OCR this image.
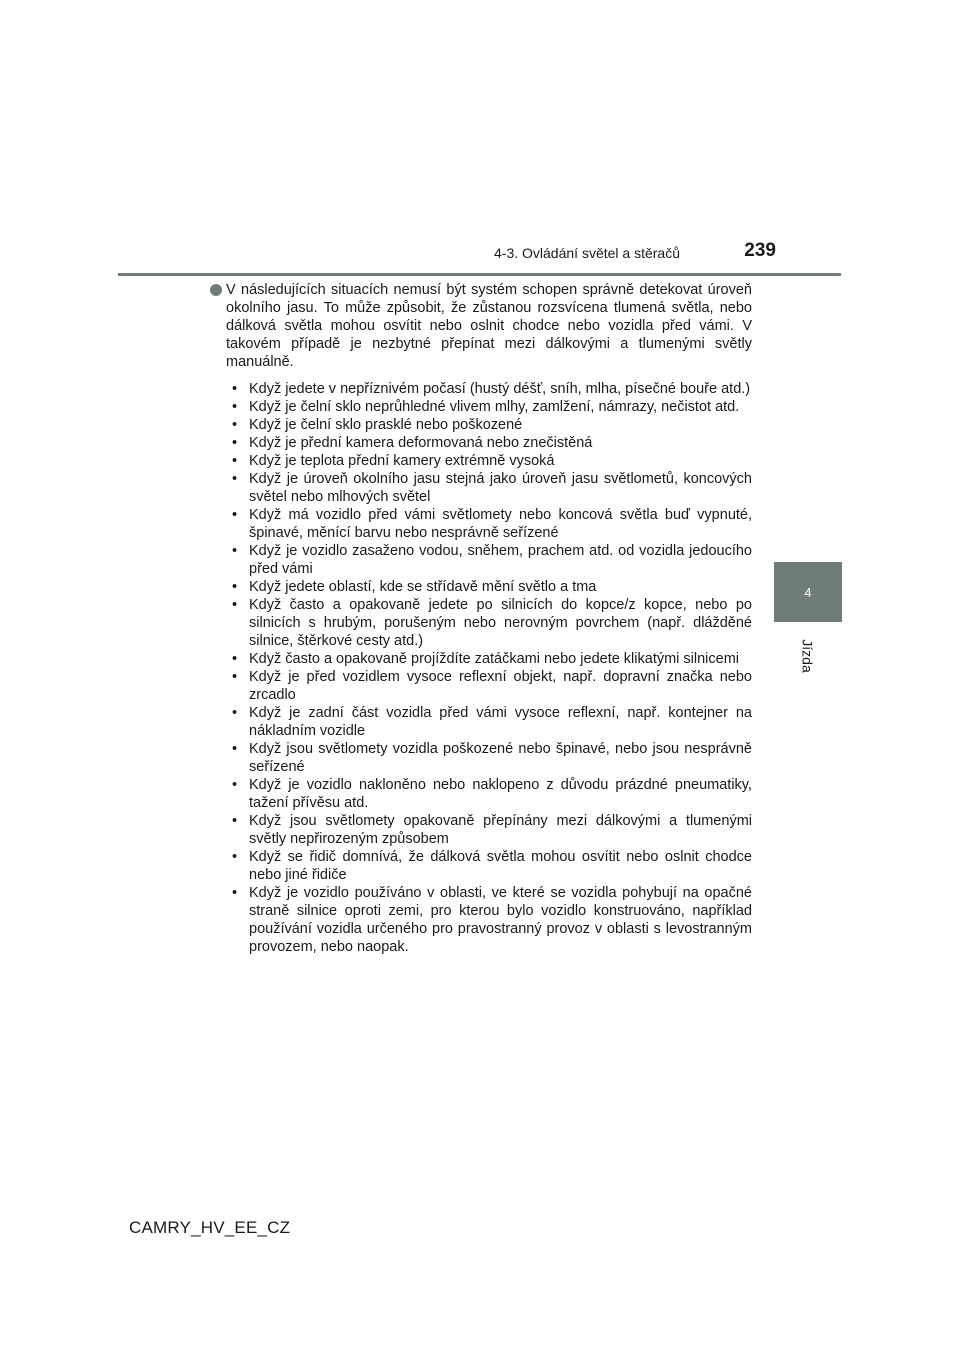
4-3. Ovládání světel a stěračů	239
4
Jízda

V následujících situacích nemusí být systém schopen správně detekovat úroveň okolního jasu. To může způsobit, že zůstanou rozsvícena tlumená světla, nebo dálková světla mohou osvítit nebo oslnit chodce nebo vozidla před vámi. V takovém případě je nezbytné přepínat mezi dálkovými a tlumenými světly manuálně.

• Když jedete v nepříznivém počasí (hustý déšť, sníh, mlha, písečné bouře atd.)
• Když je čelní sklo neprůhledné vlivem mlhy, zamlžení, námrazy, nečistot atd.
• Když je čelní sklo prasklé nebo poškozené
• Když je přední kamera deformovaná nebo znečistěná
• Když je teplota přední kamery extrémně vysoká
• Když je úroveň okolního jasu stejná jako úroveň jasu světlometů, koncových světel nebo mlhových světel
• Když má vozidlo před vámi světlomety nebo koncová světla buď vypnuté, špinavé, měnící barvu nebo nesprávně seřízené
• Když je vozidlo zasaženo vodou, sněhem, prachem atd. od vozidla jedoucího před vámi
• Když jedete oblastí, kde se střídavě mění světlo a tma
• Když často a opakovaně jedete po silnicích do kopce/z kopce, nebo po silnicích s hrubým, porušeným nebo nerovným povrchem (např. dlážděné silnice, štěrkové cesty atd.)
• Když často a opakovaně projíždíte zatáčkami nebo jedete klikatými silnicemi
• Když je před vozidlem vysoce reflexní objekt, např. dopravní značka nebo zrcadlo
• Když je zadní část vozidla před vámi vysoce reflexní, např. kontejner na nákladním vozidle
• Když jsou světlomety vozidla poškozené nebo špinavé, nebo jsou nesprávně seřízené
• Když je vozidlo nakloněno nebo naklopeno z důvodu prázdné pneumatiky, tažení přívěsu atd.
• Když jsou světlomety opakovaně přepínány mezi dálkovými a tlumenými světly nepřirozeným způsobem
• Když se řidič domnívá, že dálková světla mohou osvítit nebo oslnit chodce nebo jiné řidiče
• Když je vozidlo používáno v oblasti, ve které se vozidla pohybují na opačné straně silnice oproti zemi, pro kterou bylo vozidlo konstruováno, například používání vozidla určeného pro pravostranný provoz v oblasti s levostranným provozem, nebo naopak.
CAMRY_HV_EE_CZ
